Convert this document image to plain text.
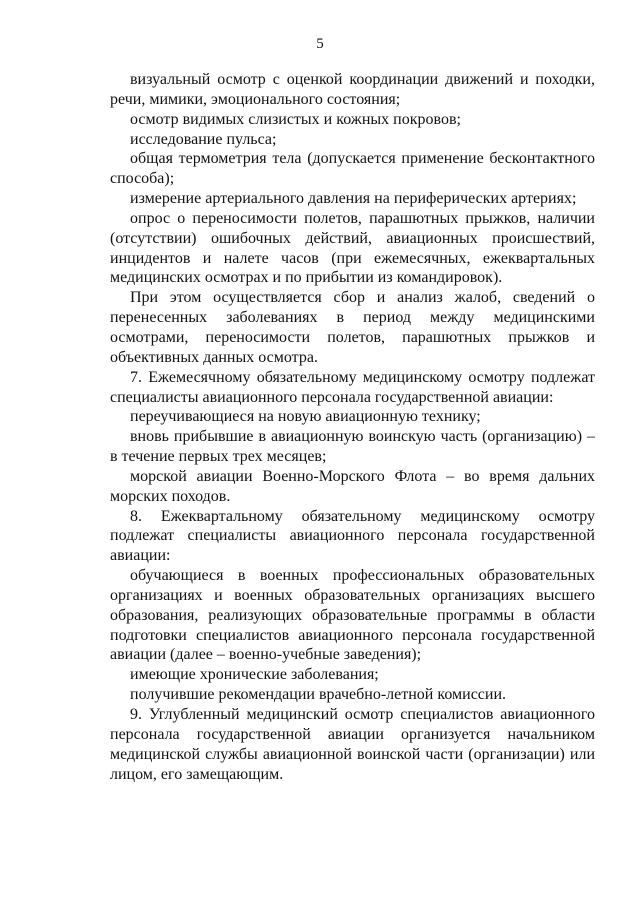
5

визуальный осмотр с оценкой координации движений и походки, речи, мимики, эмоционального состояния;

осмотр видимых слизистых и кожных покровов;

исследование пульса;

общая термометрия тела (допускается применение бесконтактного способа);

измерение артериального давления на периферических артериях;

опрос о переносимости полетов, парашютных прыжков, наличии (отсутствии) ошибочных действий, авиационных происшествий, инцидентов и налете часов (при ежемесячных, ежеквартальных медицинских осмотрах и по прибытии из командировок).

При этом осуществляется сбор и анализ жалоб, сведений о перенесенных заболеваниях в период между медицинскими осмотрами, переносимости полетов, парашютных прыжков и объективных данных осмотра.

7. Ежемесячному обязательному медицинскому осмотру подлежат специалисты авиационного персонала государственной авиации:

переучивающиеся на новую авиационную технику;

вновь прибывшие в авиационную воинскую часть (организацию) – в течение первых трех месяцев;

морской авиации Военно-Морского Флота – во время дальних морских походов.

8. Ежеквартальному обязательному медицинскому осмотру подлежат специалисты авиационного персонала государственной авиации:

обучающиеся в военных профессиональных образовательных организациях и военных образовательных организациях высшего образования, реализующих образовательные программы в области подготовки специалистов авиационного персонала государственной авиации (далее – военно-учебные заведения);

имеющие хронические заболевания;

получившие рекомендации врачебно-летной комиссии.

9. Углубленный медицинский осмотр специалистов авиационного персонала государственной авиации организуется начальником медицинской службы авиационной воинской части (организации) или лицом, его замещающим.
